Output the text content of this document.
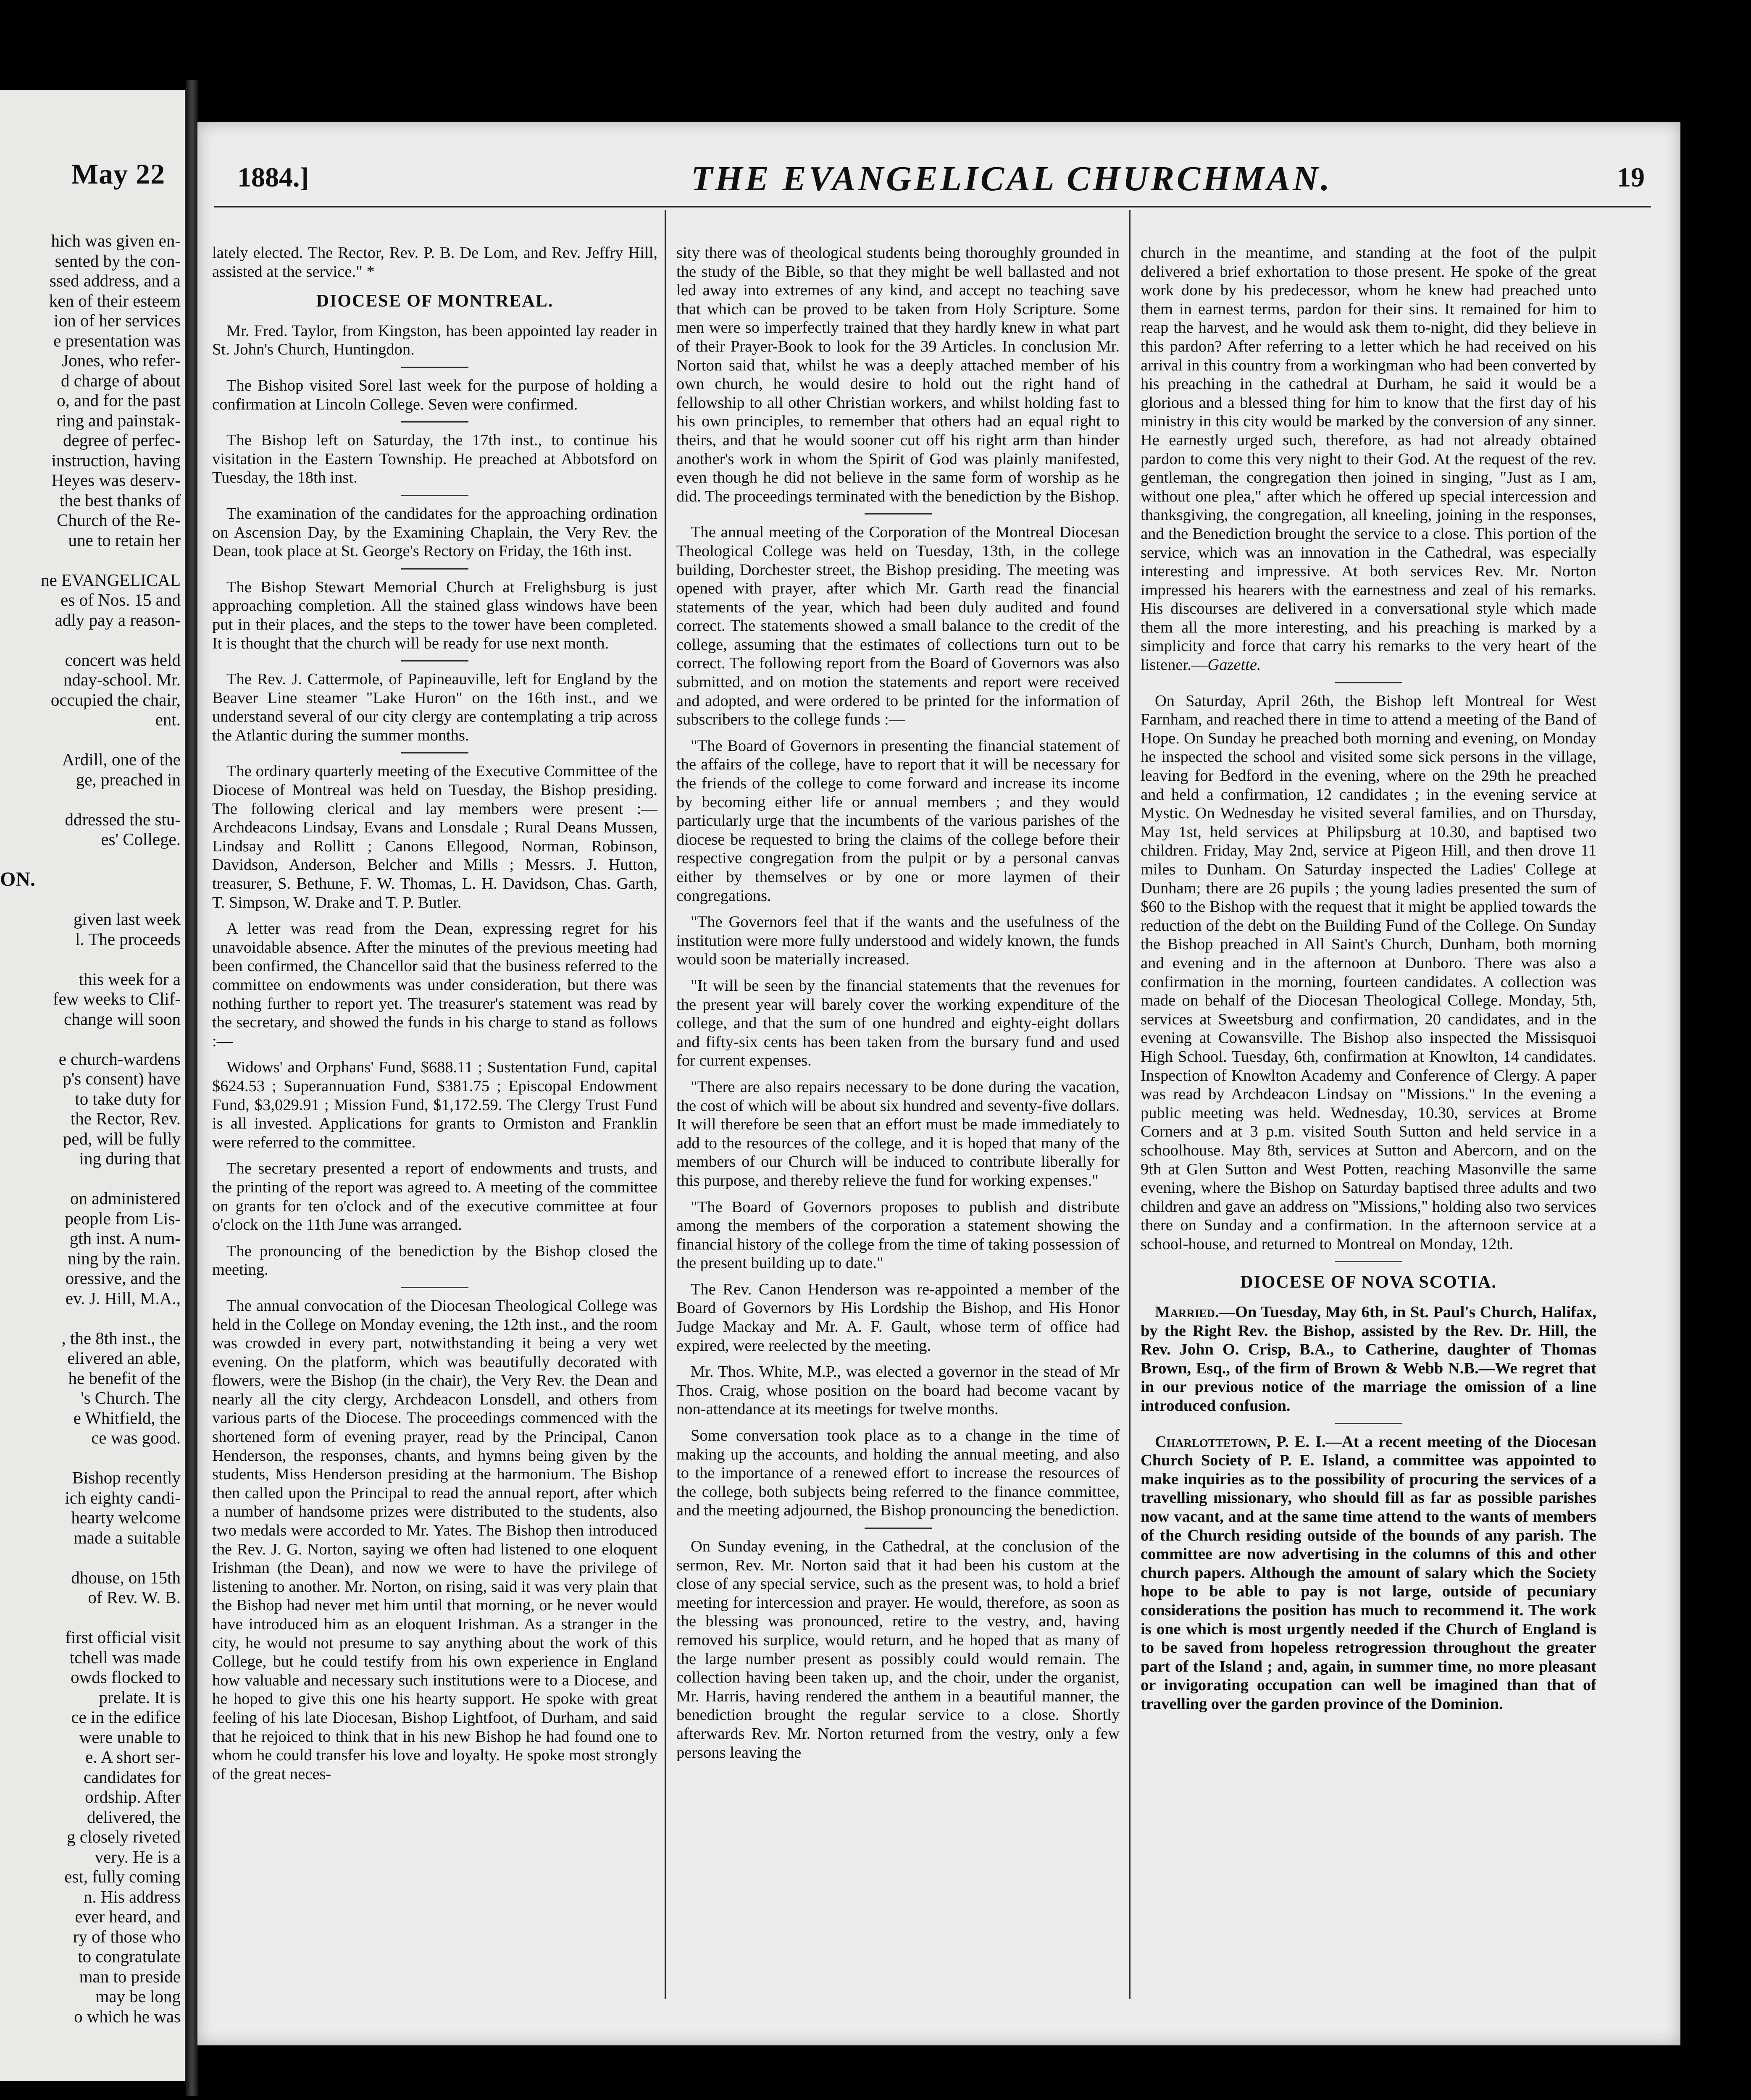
May 22
hich was given en-
sented by the con-
ssed address, and a
ken of their esteem
ion of her services
e presentation was
Jones, who refer-
d charge of about
o, and for the past
ring and painstak-
degree of perfec-
instruction, having
Heyes was deserv-
the best thanks of
Church of the Re-
une to retain her
ne EVANGELICAL
es of Nos. 15 and
adly pay a reason-
concert was held
nday-school. Mr.
occupied the chair,
ent.
Ardill, one of the
ge, preached in
ddressed the stu-
es' College.
ON.
given last week
l. The proceeds
this week for a
few weeks to Clif-
change will soon
e church-wardens
p's consent) have
to take duty for
the Rector, Rev.
ped, will be fully
ing during that
on administered
people from Lis-
gth inst. A num-
ning by the rain.
oressive, and the
ev. J. Hill, M.A.,
, the 8th inst., the
elivered an able,
he benefit of the
's Church. The
e Whitfield, the
ce was good.
Bishop recently
ich eighty candi-
hearty welcome
made a suitable
dhouse, on 15th
of Rev. W. B.
first official visit
tchell was made
owds flocked to
prelate. It is
ce in the edifice
were unable to
e. A short ser-
candidates for
ordship. After
delivered, the
g closely riveted
very. He is a
est, fully coming
n. His address
ever heard, and
ry of those who
to congratulate
man to preside
may be long
o which he was
1884.]	THE EVANGELICAL CHURCHMAN.	19

lately elected. The Rector, Rev. P. B. De Lom, and Rev. Jeffry Hill, assisted at the service." *

DIOCESE OF MONTREAL.

Mr. Fred. Taylor, from Kingston, has been appointed lay reader in St. John's Church, Huntingdon.

The Bishop visited Sorel last week for the purpose of holding a confirmation at Lincoln College. Seven were confirmed.

The Bishop left on Saturday, the 17th inst., to continue his visitation in the Eastern Township. He preached at Abbotsford on Tuesday, the 18th inst.

The examination of the candidates for the approaching ordination on Ascension Day, by the Examining Chaplain, the Very Rev. the Dean, took place at St. George's Rectory on Friday, the 16th inst.

The Bishop Stewart Memorial Church at Frelighsburg is just approaching completion. All the stained glass windows have been put in their places, and the steps to the tower have been completed. It is thought that the church will be ready for use next month.

The Rev. J. Cattermole, of Papineauville, left for England by the Beaver Line steamer "Lake Huron" on the 16th inst., and we understand several of our city clergy are contemplating a trip across the Atlantic during the summer months.

The ordinary quarterly meeting of the Executive Committee of the Diocese of Montreal was held on Tuesday, the Bishop presiding. The following clerical and lay members were present :—Archdeacons Lindsay, Evans and Lonsdale ; Rural Deans Mussen, Lindsay and Rollitt ; Canons Ellegood, Norman, Robinson, Davidson, Anderson, Belcher and Mills ; Messrs. J. Hutton, treasurer, S. Bethune, F. W. Thomas, L. H. Davidson, Chas. Garth, T. Simpson, W. Drake and T. P. Butler.

A letter was read from the Dean, expressing regret for his unavoidable absence. After the minutes of the previous meeting had been confirmed, the Chancellor said that the business referred to the committee on endowments was under consideration, but there was nothing further to report yet. The treasurer's statement was read by the secretary, and showed the funds in his charge to stand as follows :—

Widows' and Orphans' Fund, $688.11 ; Sustentation Fund, capital $624.53 ; Superannuation Fund, $381.75 ; Episcopal Endowment Fund, $3,029.91 ; Mission Fund, $1,172.59. The Clergy Trust Fund is all invested. Applications for grants to Ormiston and Franklin were referred to the committee.

The secretary presented a report of endowments and trusts, and the printing of the report was agreed to. A meeting of the committee on grants for ten o'clock and of the executive committee at four o'clock on the 11th June was arranged.

The pronouncing of the benediction by the Bishop closed the meeting.

The annual convocation of the Diocesan Theological College was held in the College on Monday evening, the 12th inst., and the room was crowded in every part, notwithstanding it being a very wet evening. On the platform, which was beautifully decorated with flowers, were the Bishop (in the chair), the Very Rev. the Dean and nearly all the city clergy, Archdeacon Lonsdell, and others from various parts of the Diocese. The proceedings commenced with the shortened form of evening prayer, read by the Principal, Canon Henderson, the responses, chants, and hymns being given by the students, Miss Henderson presiding at the harmonium. The Bishop then called upon the Principal to read the annual report, after which a number of handsome prizes were distributed to the students, also two medals were accorded to Mr. Yates. The Bishop then introduced the Rev. J. G. Norton, saying we often had listened to one eloquent Irishman (the Dean), and now we were to have the privilege of listening to another. Mr. Norton, on rising, said it was very plain that the Bishop had never met him until that morning, or he never would have introduced him as an eloquent Irishman. As a stranger in the city, he would not presume to say anything about the work of this College, but he could testify from his own experience in England how valuable and necessary such institutions were to a Diocese, and he hoped to give this one his hearty support. He spoke with great feeling of his late Diocesan, Bishop Lightfoot, of Durham, and said that he rejoiced to think that in his new Bishop he had found one to whom he could transfer his love and loyalty. He spoke most strongly of the great neces-

sity there was of theological students being thoroughly grounded in the study of the Bible, so that they might be well ballasted and not led away into extremes of any kind, and accept no teaching save that which can be proved to be taken from Holy Scripture. Some men were so imperfectly trained that they hardly knew in what part of their Prayer-Book to look for the 39 Articles. In conclusion Mr. Norton said that, whilst he was a deeply attached member of his own church, he would desire to hold out the right hand of fellowship to all other Christian workers, and whilst holding fast to his own principles, to remember that others had an equal right to theirs, and that he would sooner cut off his right arm than hinder another's work in whom the Spirit of God was plainly manifested, even though he did not believe in the same form of worship as he did. The proceedings terminated with the benediction by the Bishop.

The annual meeting of the Corporation of the Montreal Diocesan Theological College was held on Tuesday, 13th, in the college building, Dorchester street, the Bishop presiding. The meeting was opened with prayer, after which Mr. Garth read the financial statements of the year, which had been duly audited and found correct. The statements showed a small balance to the credit of the college, assuming that the estimates of collections turn out to be correct. The following report from the Board of Governors was also submitted, and on motion the statements and report were received and adopted, and were ordered to be printed for the information of subscribers to the college funds :—

"The Board of Governors in presenting the financial statement of the affairs of the college, have to report that it will be necessary for the friends of the college to come forward and increase its income by becoming either life or annual members ; and they would particularly urge that the incumbents of the various parishes of the diocese be requested to bring the claims of the college before their respective congregation from the pulpit or by a personal canvas either by themselves or by one or more laymen of their congregations.

"The Governors feel that if the wants and the usefulness of the institution were more fully understood and widely known, the funds would soon be materially increased.

"It will be seen by the financial statements that the revenues for the present year will barely cover the working expenditure of the college, and that the sum of one hundred and eighty-eight dollars and fifty-six cents has been taken from the bursary fund and used for current expenses.

"There are also repairs necessary to be done during the vacation, the cost of which will be about six hundred and seventy-five dollars. It will therefore be seen that an effort must be made immediately to add to the resources of the college, and it is hoped that many of the members of our Church will be induced to contribute liberally for this purpose, and thereby relieve the fund for working expenses."

"The Board of Governors proposes to publish and distribute among the members of the corporation a statement showing the financial history of the college from the time of taking possession of the present building up to date."

The Rev. Canon Henderson was re-appointed a member of the Board of Governors by His Lordship the Bishop, and His Honor Judge Mackay and Mr. A. F. Gault, whose term of office had expired, were reelected by the meeting.

Mr. Thos. White, M.P., was elected a governor in the stead of Mr Thos. Craig, whose position on the board had become vacant by non-attendance at its meetings for twelve months.

Some conversation took place as to a change in the time of making up the accounts, and holding the annual meeting, and also to the importance of a renewed effort to increase the resources of the college, both subjects being referred to the finance committee, and the meeting adjourned, the Bishop pronouncing the benediction.

On Sunday evening, in the Cathedral, at the conclusion of the sermon, Rev. Mr. Norton said that it had been his custom at the close of any special service, such as the present was, to hold a brief meeting for intercession and prayer. He would, therefore, as soon as the blessing was pronounced, retire to the vestry, and, having removed his surplice, would return, and he hoped that as many of the large number present as possibly could would remain. The collection having been taken up, and the choir, under the organist, Mr. Harris, having rendered the anthem in a beautiful manner, the benediction brought the regular service to a close. Shortly afterwards Rev. Mr. Norton returned from the vestry, only a few persons leaving the

church in the meantime, and standing at the foot of the pulpit delivered a brief exhortation to those present. He spoke of the great work done by his predecessor, whom he knew had preached unto them in earnest terms, pardon for their sins. It remained for him to reap the harvest, and he would ask them to-night, did they believe in this pardon? After referring to a letter which he had received on his arrival in this country from a workingman who had been converted by his preaching in the cathedral at Durham, he said it would be a glorious and a blessed thing for him to know that the first day of his ministry in this city would be marked by the conversion of any sinner. He earnestly urged such, therefore, as had not already obtained pardon to come this very night to their God. At the request of the rev. gentleman, the congregation then joined in singing, "Just as I am, without one plea," after which he offered up special intercession and thanksgiving, the congregation, all kneeling, joining in the responses, and the Benediction brought the service to a close. This portion of the service, which was an innovation in the Cathedral, was especially interesting and impressive. At both services Rev. Mr. Norton impressed his hearers with the earnestness and zeal of his remarks. His discourses are delivered in a conversational style which made them all the more interesting, and his preaching is marked by a simplicity and force that carry his remarks to the very heart of the listener.—Gazette.

On Saturday, April 26th, the Bishop left Montreal for West Farnham, and reached there in time to attend a meeting of the Band of Hope. On Sunday he preached both morning and evening, on Monday he inspected the school and visited some sick persons in the village, leaving for Bedford in the evening, where on the 29th he preached and held a confirmation, 12 candidates ; in the evening service at Mystic. On Wednesday he visited several families, and on Thursday, May 1st, held services at Philipsburg at 10.30, and baptised two children. Friday, May 2nd, service at Pigeon Hill, and then drove 11 miles to Dunham. On Saturday inspected the Ladies' College at Dunham; there are 26 pupils ; the young ladies presented the sum of $60 to the Bishop with the request that it might be applied towards the reduction of the debt on the Building Fund of the College. On Sunday the Bishop preached in All Saint's Church, Dunham, both morning and evening and in the afternoon at Dunboro. There was also a confirmation in the morning, fourteen candidates. A collection was made on behalf of the Diocesan Theological College. Monday, 5th, services at Sweetsburg and confirmation, 20 candidates, and in the evening at Cowansville. The Bishop also inspected the Missisquoi High School. Tuesday, 6th, confirmation at Knowlton, 14 candidates. Inspection of Knowlton Academy and Conference of Clergy. A paper was read by Archdeacon Lindsay on "Missions." In the evening a public meeting was held. Wednesday, 10.30, services at Brome Corners and at 3 p.m. visited South Sutton and held service in a schoolhouse. May 8th, services at Sutton and Abercorn, and on the 9th at Glen Sutton and West Potten, reaching Masonville the same evening, where the Bishop on Saturday baptised three adults and two children and gave an address on "Missions," holding also two services there on Sunday and a confirmation. In the afternoon service at a school-house, and returned to Montreal on Monday, 12th.

DIOCESE OF NOVA SCOTIA.

Married.—On Tuesday, May 6th, in St. Paul's Church, Halifax, by the Right Rev. the Bishop, assisted by the Rev. Dr. Hill, the Rev. John O. Crisp, B.A., to Catherine, daughter of Thomas Brown, Esq., of the firm of Brown & Webb N.B.—We regret that in our previous notice of the marriage the omission of a line introduced confusion.

Charlottetown, P. E. I.—At a recent meeting of the Diocesan Church Society of P. E. Island, a committee was appointed to make inquiries as to the possibility of procuring the services of a travelling missionary, who should fill as far as possible parishes now vacant, and at the same time attend to the wants of members of the Church residing outside of the bounds of any parish. The committee are now advertising in the columns of this and other church papers. Although the amount of salary which the Society hope to be able to pay is not large, outside of pecuniary considerations the position has much to recommend it. The work is one which is most urgently needed if the Church of England is to be saved from hopeless retrogression throughout the greater part of the Island ; and, again, in summer time, no more pleasant or invigorating occupation can well be imagined than that of travelling over the garden province of the Dominion.
